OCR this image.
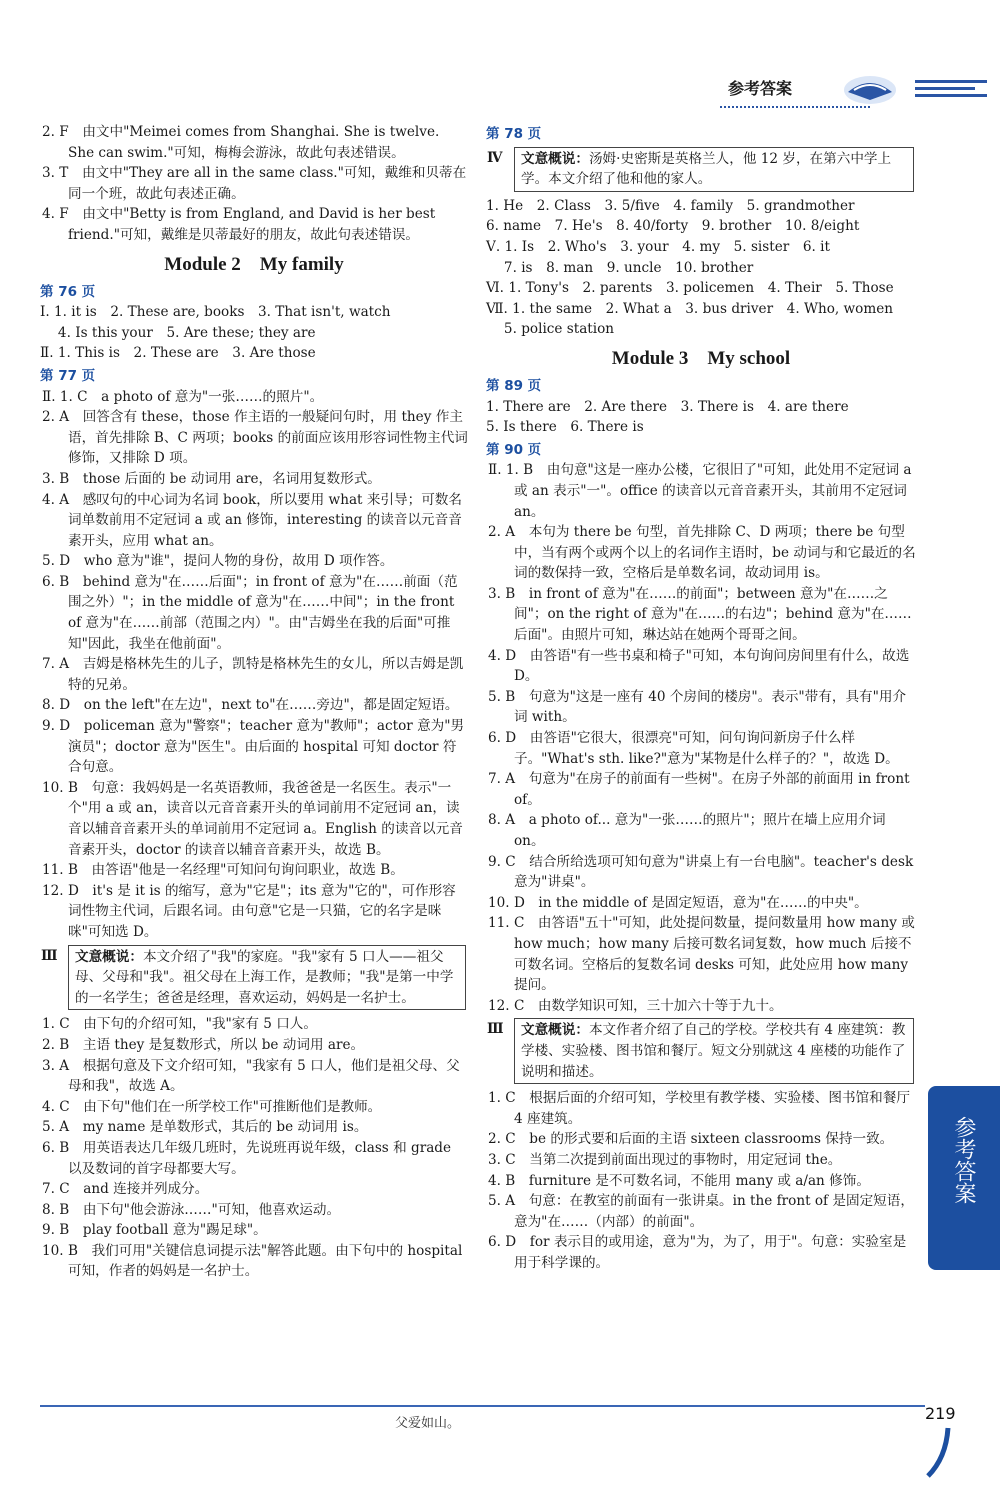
参考答案

2. F　由文中"Meimei comes from Shanghai. She is twelve. She can swim."可知，梅梅会游泳，故此句表述错误。

3. T　由文中"They are all in the same class."可知，戴维和贝蒂在同一个班，故此句表述正确。

4. F　由文中"Betty is from England, and David is her best friend."可知，戴维是贝蒂最好的朋友，故此句表述错误。

Module 2　My family
第 76 页

Ⅰ. 1. it is　2. These are, books　3. That isn't, watch

　 4. Is this your　5. Are these; they are

Ⅱ. 1. This is　2. These are　3. Are those

第 77 页

Ⅱ. 1. C　a photo of 意为"一张……的照片"。

2. A　回答含有 these，those 作主语的一般疑问句时，用 they 作主语，首先排除 B、C 两项；books 的前面应该用形容词性物主代词修饰，又排除 D 项。

3. B　those 后面的 be 动词用 are，名词用复数形式。

4. A　感叹句的中心词为名词 book，所以要用 what 来引导；可数名词单数前用不定冠词 a 或 an 修饰，interesting 的读音以元音音素开头，应用 what an。

5. D　who 意为"谁"，提问人物的身份，故用 D 项作答。

6. B　behind 意为"在……后面"；in front of 意为"在……前面（范围之外）"；in the middle of 意为"在……中间"；in the front of 意为"在……前部（范围之内）"。由"吉姆坐在我的后面"可推知"因此，我坐在他前面"。

7. A　吉姆是格林先生的儿子，凯特是格林先生的女儿，所以吉姆是凯特的兄弟。

8. D　on the left"在左边"，next to"在……旁边"，都是固定短语。

9. D　policeman 意为"警察"；teacher 意为"教师"；actor 意为"男演员"；doctor 意为"医生"。由后面的 hospital 可知 doctor 符合句意。

10. B　句意：我妈妈是一名英语教师，我爸爸是一名医生。表示"一个"用 a 或 an，读音以元音音素开头的单词前用不定冠词 an，读音以辅音音素开头的单词前用不定冠词 a。English 的读音以元音音素开头，doctor 的读音以辅音音素开头，故选 B。

11. B　由答语"他是一名经理"可知问句询问职业，故选 B。

12. D　it's 是 it is 的缩写，意为"它是"；its 意为"它的"，可作形容词性物主代词，后跟名词。由句意"它是一只猫，它的名字是咪咪"可知选 D。

Ⅲ 文意概说：本文介绍了"我"的家庭。"我"家有 5 口人——祖父母、父母和"我"。祖父母在上海工作，是教师；"我"是第一中学的一名学生；爸爸是经理，喜欢运动，妈妈是一名护士。

1. C　由下句的介绍可知，"我"家有 5 口人。

2. B　主语 they 是复数形式，所以 be 动词用 are。

3. A　根据句意及下文介绍可知，"我家有 5 口人，他们是祖父母、父母和我"，故选 A。

4. C　由下句"他们在一所学校工作"可推断他们是教师。

5. A　my name 是单数形式，其后的 be 动词用 is。

6. B　用英语表达几年级几班时，先说班再说年级，class 和 grade 以及数词的首字母都要大写。

7. C　and 连接并列成分。

8. B　由下句"他会游泳……"可知，他喜欢运动。

9. B　play football 意为"踢足球"。

10. B　我们可用"关键信息词提示法"解答此题。由下句中的 hospital 可知，作者的妈妈是一名护士。

第 78 页
Ⅳ 文意概说：汤姆·史密斯是英格兰人，他 12 岁，在第六中学上学。本文介绍了他和他的家人。

1. He　2. Class　3. 5/five　4. family　5. grandmother

6. name　7. He's　8. 40/forty　9. brother　10. 8/eight

Ⅴ. 1. Is　2. Who's　3. your　4. my　5. sister　6. it

　 7. is　8. man　9. uncle　10. brother

Ⅵ. 1. Tony's　2. parents　3. policemen　4. Their　5. Those

Ⅶ. 1. the same　2. What a　3. bus driver　4. Who, women

　 5. police station

Module 3　My school
第 89 页

1. There are　2. Are there　3. There is　4. are there

5. Is there　6. There is

第 90 页

Ⅱ. 1. B　由句意"这是一座办公楼，它很旧了"可知，此处用不定冠词 a 或 an 表示"一"。office 的读音以元音音素开头，其前用不定冠词 an。

2. A　本句为 there be 句型，首先排除 C、D 两项；there be 句型中，当有两个或两个以上的名词作主语时，be 动词与和它最近的名词的数保持一致，空格后是单数名词，故动词用 is。

3. B　in front of 意为"在……的前面"；between 意为"在……之间"；on the right of 意为"在……的右边"；behind 意为"在……后面"。由照片可知，琳达站在她两个哥哥之间。

4. D　由答语"有一些书桌和椅子"可知，本句询问房间里有什么，故选 D。

5. B　句意为"这是一座有 40 个房间的楼房"。表示"带有，具有"用介词 with。

6. D　由答语"它很大，很漂亮"可知，问句询问新房子什么样子。"What's sth. like?"意为"某物是什么样子的？"，故选 D。

7. A　句意为"在房子的前面有一些树"。在房子外部的前面用 in front of。

8. A　a photo of... 意为"一张……的照片"；照片在墙上应用介词 on。

9. C　结合所给选项可知句意为"讲桌上有一台电脑"。teacher's desk 意为"讲桌"。

10. D　in the middle of 是固定短语，意为"在……的中央"。

11. C　由答语"五十"可知，此处提问数量，提问数量用 how many 或 how much；how many 后接可数名词复数，how much 后接不可数名词。空格后的复数名词 desks 可知，此处应用 how many 提问。

12. C　由数学知识可知，三十加六十等于九十。

Ⅲ 文意概说：本文作者介绍了自己的学校。学校共有 4 座建筑：教学楼、实验楼、图书馆和餐厅。短文分别就这 4 座楼的功能作了说明和描述。

1. C　根据后面的介绍可知，学校里有教学楼、实验楼、图书馆和餐厅 4 座建筑。

2. C　be 的形式要和后面的主语 sixteen classrooms 保持一致。

3. C　当第二次提到前面出现过的事物时，用定冠词 the。

4. B　furniture 是不可数名词，不能用 many 或 a/an 修饰。

5. A　句意：在教室的前面有一张讲桌。in the front of 是固定短语，意为"在……（内部）的前面"。

6. D　for 表示目的或用途，意为"为，为了，用于"。句意：实验室是用于科学课的。

参考答案
父爱如山。
219
